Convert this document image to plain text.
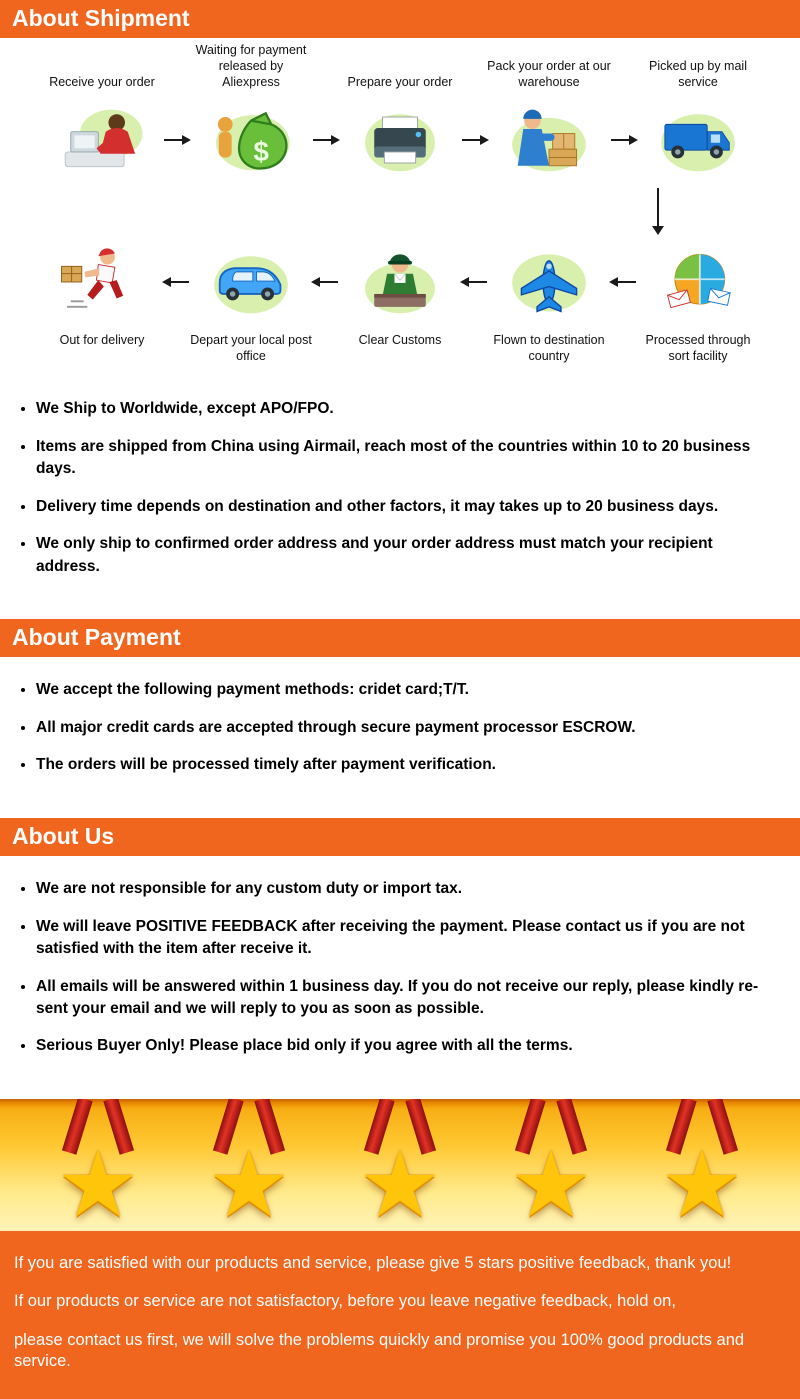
About Shipment
Receive your order
Waiting for payment released by Aliexpress
$
Prepare your order
Pack your order at our warehouse
Picked up by mail service
Out for delivery	Depart your local post office
Clear Customs	Flown to destination country
Processed through sort facility
• We Ship to Worldwide, except APO/FPO.
• Items are shipped from China using Airmail, reach most of the countries within 10 to 20 business days.
• Delivery time depends on destination and other factors, it may takes up to 20 business days.
• We only ship to confirmed order address and your order address must match your recipient address.
About Payment
• We accept the following payment methods: cridet card;T/T.
• All major credit cards are accepted through secure payment processor ESCROW.
• The orders will be processed timely after payment verification.
About Us
• We are not responsible for any custom duty or import tax.
• We will leave POSITIVE FEEDBACK after receiving the payment. Please contact us if you are not satisfied with the item after receive it.
• All emails will be answered within 1 business day. If you do not receive our reply, please kindly re-sent your email and we will reply to you as soon as possible.
• Serious Buyer Only! Please place bid only if you agree with all the terms.
★ ★ ★ ★ ★

If you are satisfied with our products and service, please give 5 stars positive feedback, thank you!

If our products or service are not satisfactory, before you leave negative feedback, hold on,

please contact us first, we will solve the problems quickly and promise you 100% good products and service.
